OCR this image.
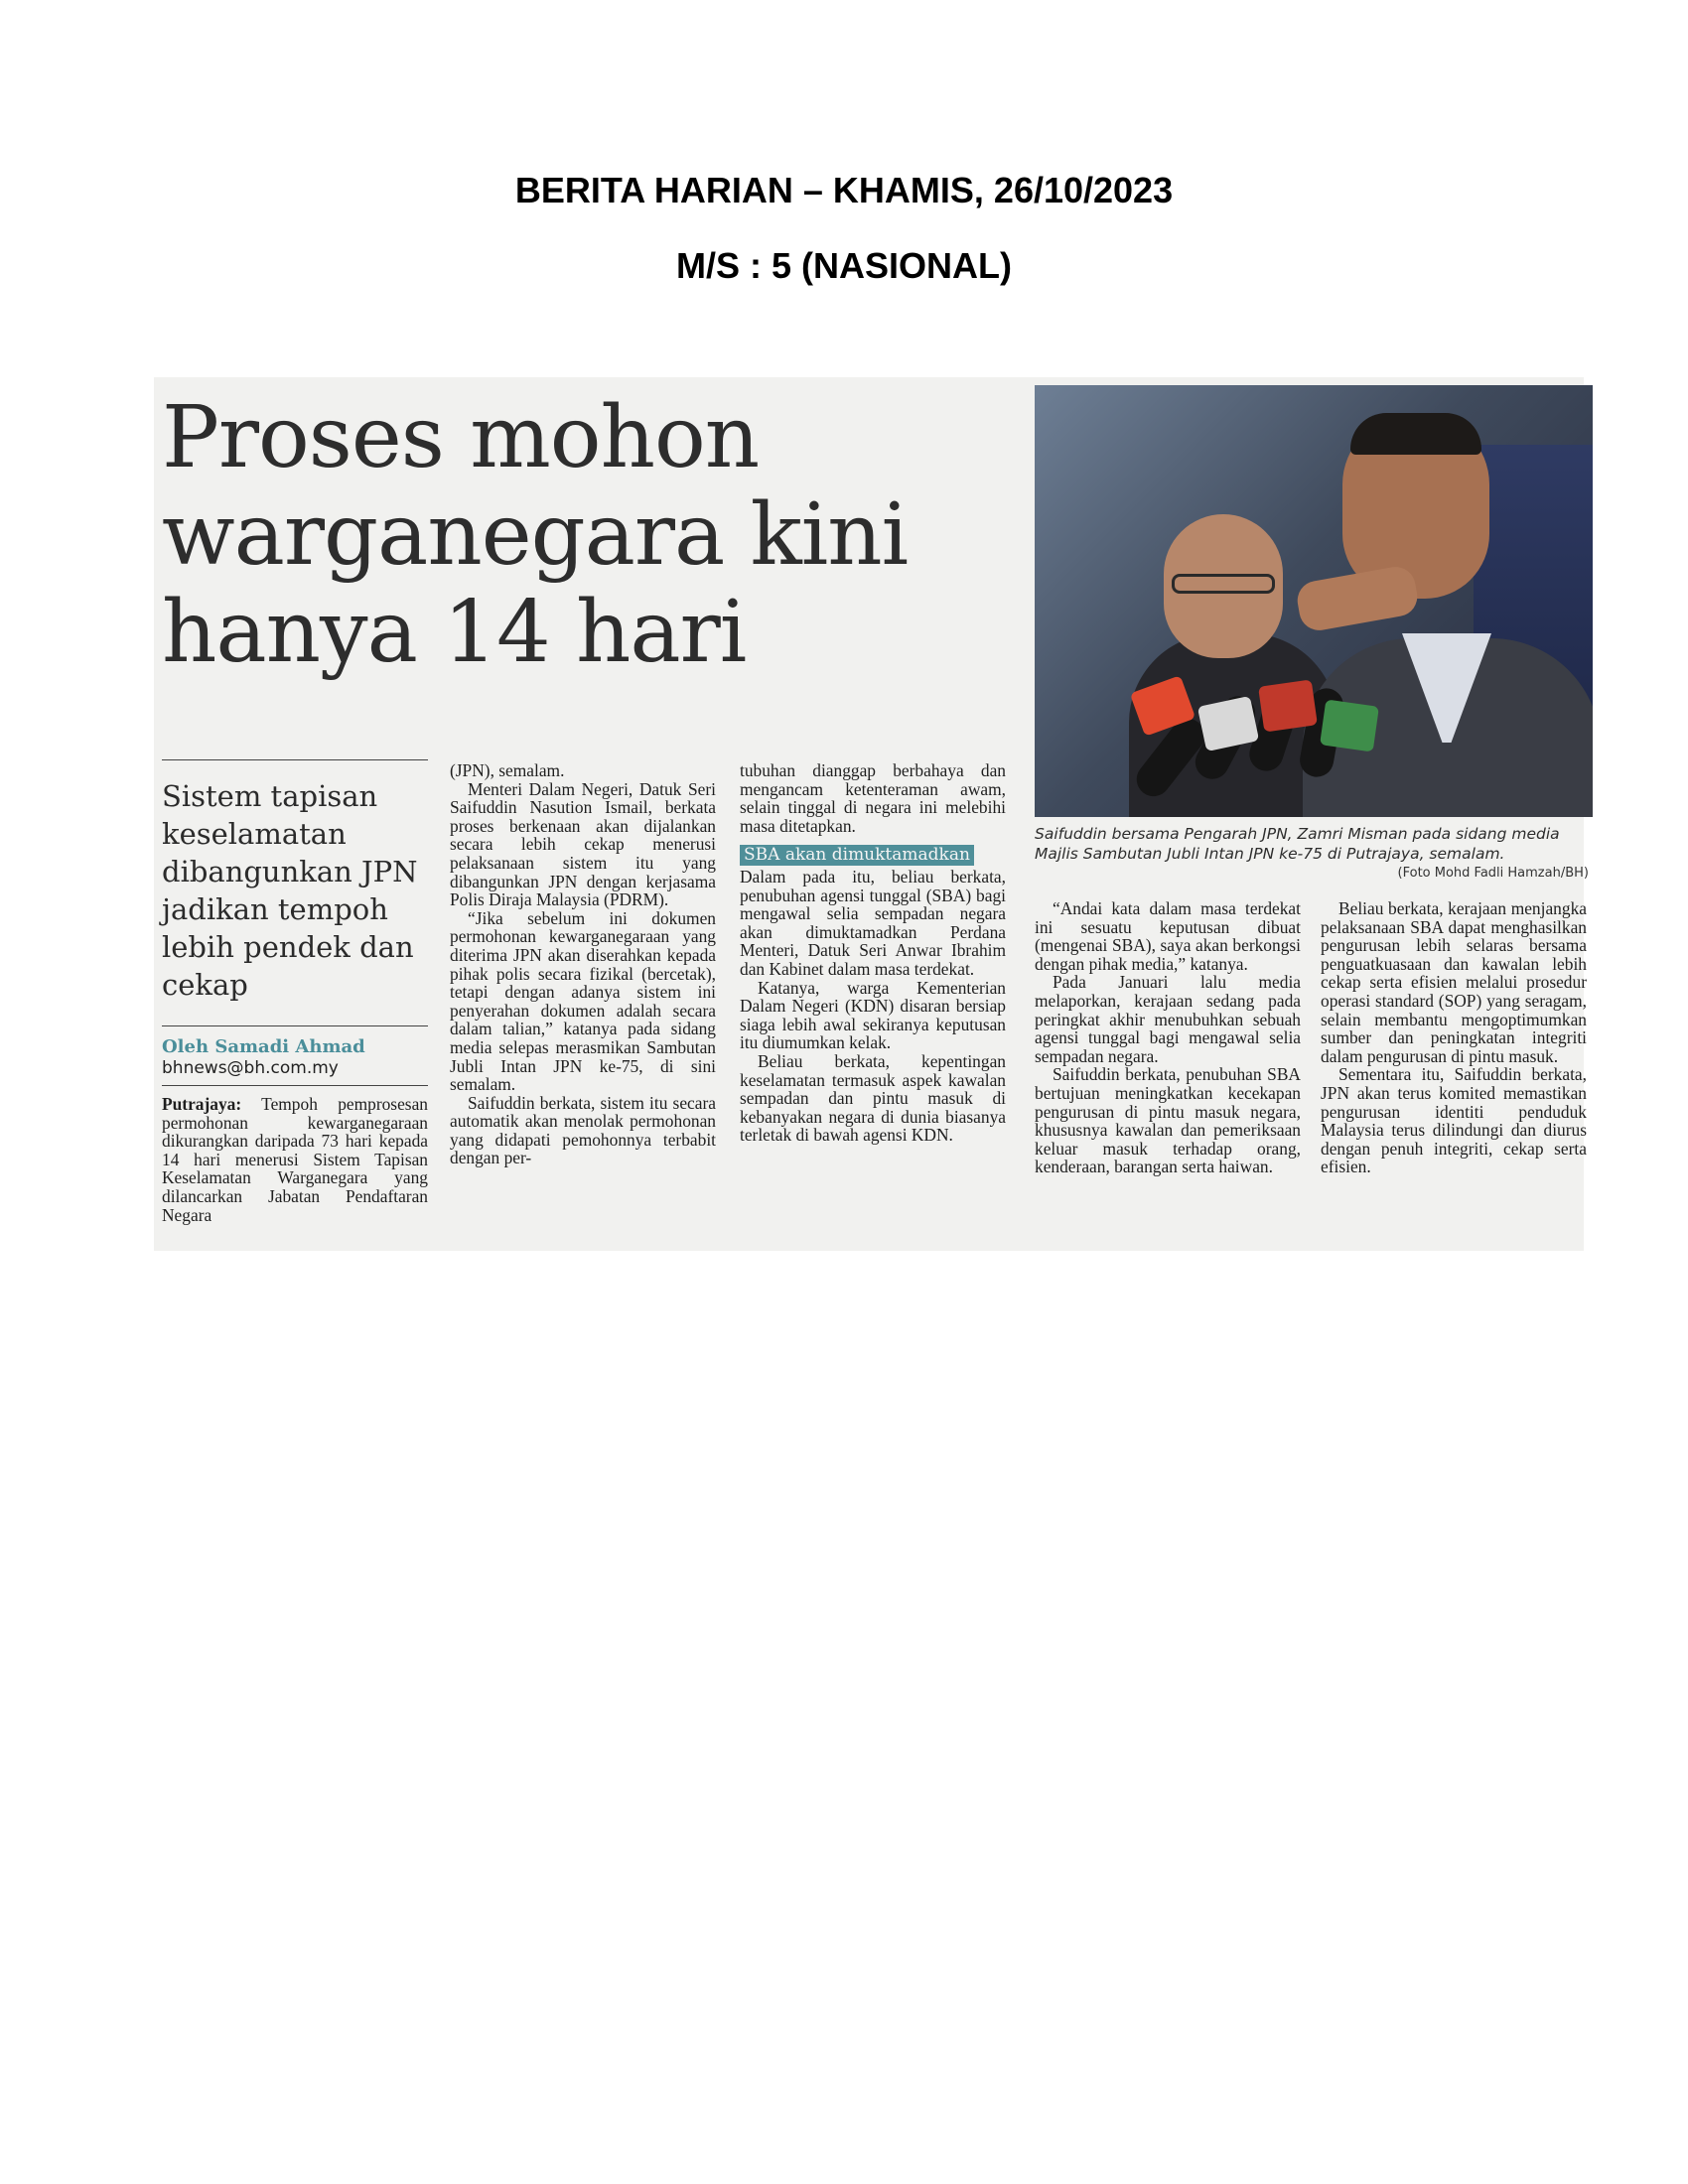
BERITA HARIAN – KHAMIS, 26/10/2023
M/S : 5 (NASIONAL)
Proses mohon warganegara kini hanya 14 hari
Saifuddin bersama Pengarah JPN, Zamri Misman pada sidang media Majlis Sambutan Jubli Intan JPN ke-75 di Putrajaya, semalam.
(Foto Mohd Fadli Hamzah/BH)
Sistem tapisan keselamatan dibangunkan JPN jadikan tempoh lebih pendek dan cekap
Oleh Samadi Ahmad
bhnews@bh.com.my

Putrajaya: Tempoh pemprosesan permohonan kewarganegaraan dikurangkan daripada 73 hari kepada 14 hari menerusi Sistem Tapisan Keselamatan Warganegara yang dilancarkan Jabatan Pendaftaran Negara

(JPN), semalam.

Menteri Dalam Negeri, Datuk Seri Saifuddin Nasution Ismail, berkata proses berkenaan akan dijalankan secara lebih cekap menerusi pelaksanaan sistem itu yang dibangunkan JPN dengan kerjasama Polis Diraja Malaysia (PDRM).

“Jika sebelum ini dokumen permohonan kewarganegaraan yang diterima JPN akan diserahkan kepada pihak polis secara fizikal (bercetak), tetapi dengan adanya sistem ini penyerahan dokumen adalah secara dalam talian,” katanya pada sidang media selepas merasmikan Sambutan Jubli Intan JPN ke-75, di sini semalam.

Saifuddin berkata, sistem itu secara automatik akan menolak permohonan yang didapati pemohonnya terbabit dengan per-

tubuhan dianggap berbahaya dan mengancam ketenteraman awam, selain tinggal di negara ini melebihi masa ditetapkan.

SBA akan dimuktamadkan

Dalam pada itu, beliau berkata, penubuhan agensi tunggal (SBA) bagi mengawal selia sempadan negara akan dimuktamadkan Perdana Menteri, Datuk Seri Anwar Ibrahim dan Kabinet dalam masa terdekat.

Katanya, warga Kementerian Dalam Negeri (KDN) disaran bersiap siaga lebih awal sekiranya keputusan itu diumumkan kelak.

Beliau berkata, kepentingan keselamatan termasuk aspek kawalan sempadan dan pintu masuk di kebanyakan negara di dunia biasanya terletak di bawah agensi KDN.

“Andai kata dalam masa terdekat ini sesuatu keputusan dibuat (mengenai SBA), saya akan berkongsi dengan pihak media,” katanya.

Pada Januari lalu media melaporkan, kerajaan sedang pada peringkat akhir menubuhkan sebuah agensi tunggal bagi mengawal selia sempadan negara.

Saifuddin berkata, penubuhan SBA bertujuan meningkatkan kecekapan pengurusan di pintu masuk negara, khususnya kawalan dan pemeriksaan keluar masuk terhadap orang, kenderaan, barangan serta haiwan.

Beliau berkata, kerajaan menjangka pelaksanaan SBA dapat menghasilkan pengurusan lebih selaras bersama penguatkuasaan dan kawalan lebih cekap serta efisien melalui prosedur operasi standard (SOP) yang seragam, selain membantu mengoptimumkan sumber dan peningkatan integriti dalam pengurusan di pintu masuk.

Sementara itu, Saifuddin berkata, JPN akan terus komited memastikan pengurusan identiti penduduk Malaysia terus dilindungi dan diurus dengan penuh integriti, cekap serta efisien.
